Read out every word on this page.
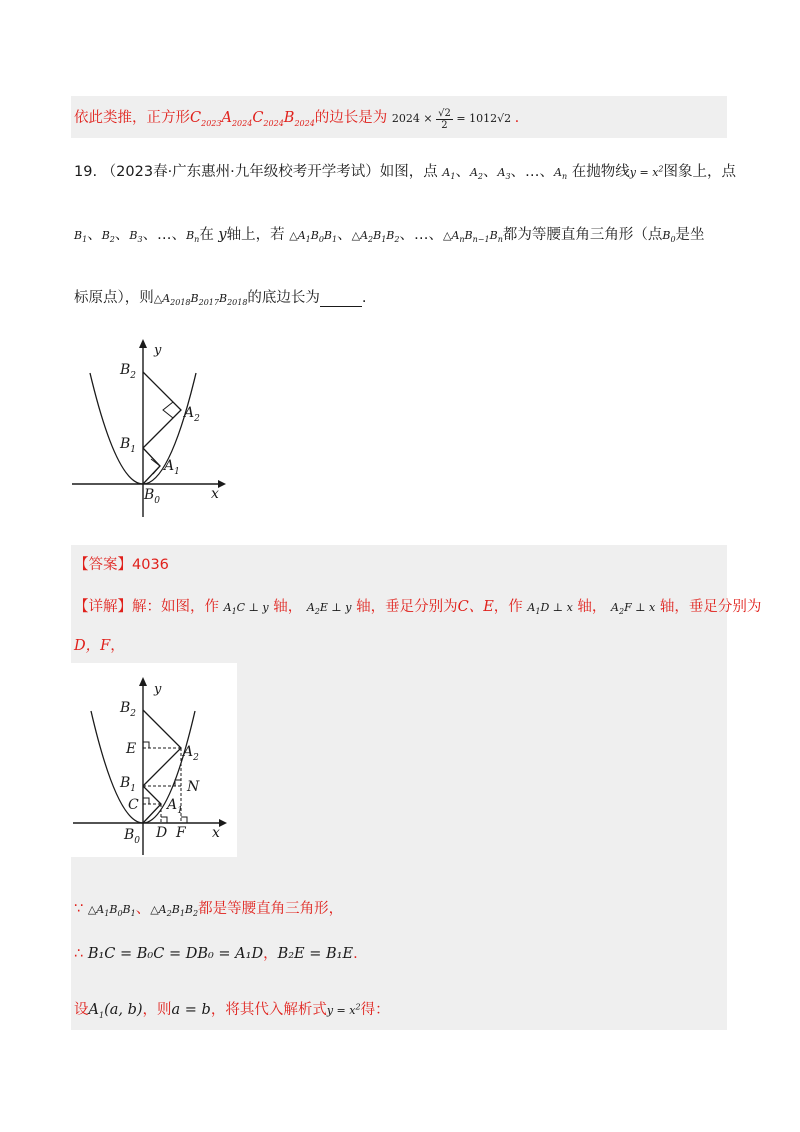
依此类推，正方形$C_{2023}A_{2024}C_{2024}B_{2024}$的边长是为 $2024 \times \frac{√2}{2} = 1012√2$ .
19. （2023春·广东惠州·九年级校考开学考试）如图，点 $A_1$、$A_2$、$A_3$、…、$A_n$ 在抛物线$y = x^2$图象上，点
$B_1$、$B_2$、$B_3$、…、$B_n$在 y轴上，若 $\triangle A_1B_0B_1$、$\triangle A_2B_1B_2$、…、$\triangle A_nB_{n-1}B_n$都为等腰直角三角形（点$B_0$是坐
标原点），则$\triangle A_{2018}B_{2017}B_{2018}$的底边长为	.
y
$B_2$
$A_2$
$B_1$
$A_1$
$B_0$	x
【答案】4036
【详解】解：如图，作 $A_1C$ ⊥ y 轴， $A_2E$ ⊥ y 轴，垂足分别为C、E，作 $A_1D$ ⊥ x 轴， $A_2F$ ⊥ x 轴，垂足分别为
D，F，
y
$B_2$
E	$A_2$
$B_1$	N
C $A_1$
$B_0$ D F x
∵ $\triangle A_1B_0B_1$、$\triangle A_2B_1B_2$都是等腰直角三角形，
∴ B₁C = B₀C = DB₀ = A₁D，B₂E = B₁E.
设$A_1(a$, b)，则a = b，将其代入解析式$y = x^2$得：
